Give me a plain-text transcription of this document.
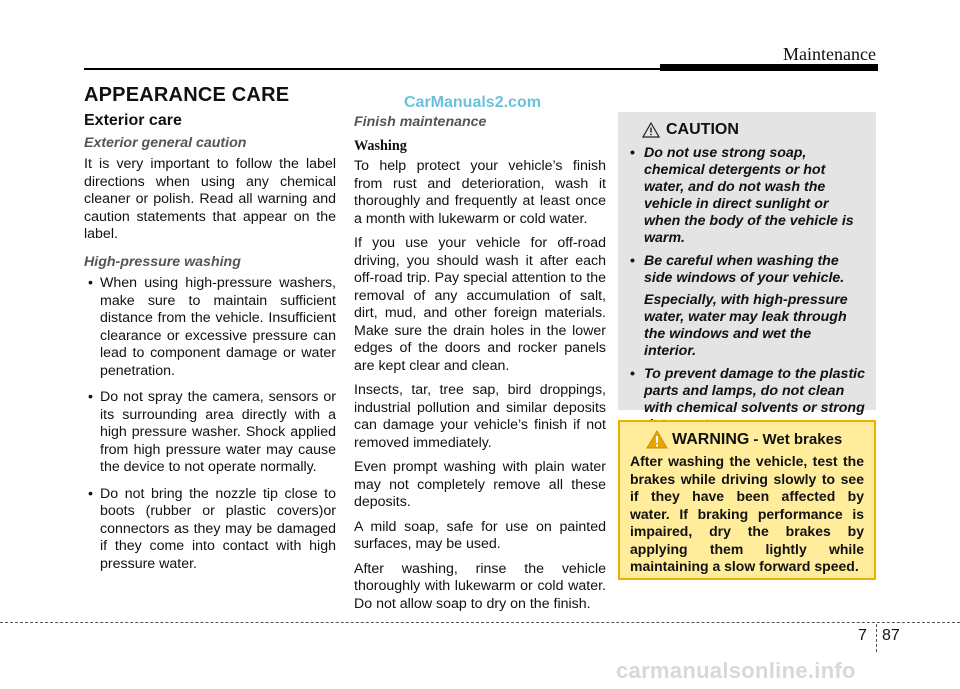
Maintenance
APPEARANCE CARE	CarManuals2.com
Exterior care
Exterior general caution

It is very important to follow the label directions when using any chemical cleaner or polish. Read all warning and caution statements that appear on the label.

High-pressure washing
• When using high-pressure washers, make sure to maintain sufficient distance from the vehicle. Insufficient clearance or excessive pressure can lead to component damage or water penetration.
• Do not spray the camera, sensors or its surrounding area directly with a high pressure washer. Shock applied from high pressure water may cause the device to not operate normally.
• Do not bring the nozzle tip close to boots (rubber or plastic covers)or connectors as they may be damaged if they come into contact with high pressure water.
Finish maintenance
Washing

To help protect your vehicle’s finish from rust and deterioration, wash it thoroughly and frequently at least once a month with lukewarm or cold water.

If you use your vehicle for off-road driving, you should wash it after each off-road trip. Pay special attention to the removal of any accumulation of salt, dirt, mud, and other foreign materials. Make sure the drain holes in the lower edges of the doors and rocker panels are kept clear and clean.

Insects, tar, tree sap, bird droppings, industrial pollution and similar deposits can damage your vehicle’s finish if not removed immediately.

Even prompt washing with plain water may not completely remove all these deposits.

A mild soap, safe for use on painted surfaces, may be used.

After washing, rinse the vehicle thoroughly with lukewarm or cold water. Do not allow soap to dry on the finish.

CAUTION

• Do not use strong soap, chemical detergents or hot water, and do not wash the vehicle in direct sunlight or when the body of the vehicle is warm.

• Be careful when washing the side windows of your vehicle.

Especially, with high-pressure water, water may leak through the windows and wet the interior.

• To prevent damage to the plastic parts and lamps, do not clean with chemical solvents or strong

WARNING - Wet brakes

After washing the vehicle, test the brakes while driving slowly to see if they have been affected by water. If braking performance is impaired, dry the brakes by applying them lightly while maintaining a slow forward speed.

7 87
carmanualsonline.info
